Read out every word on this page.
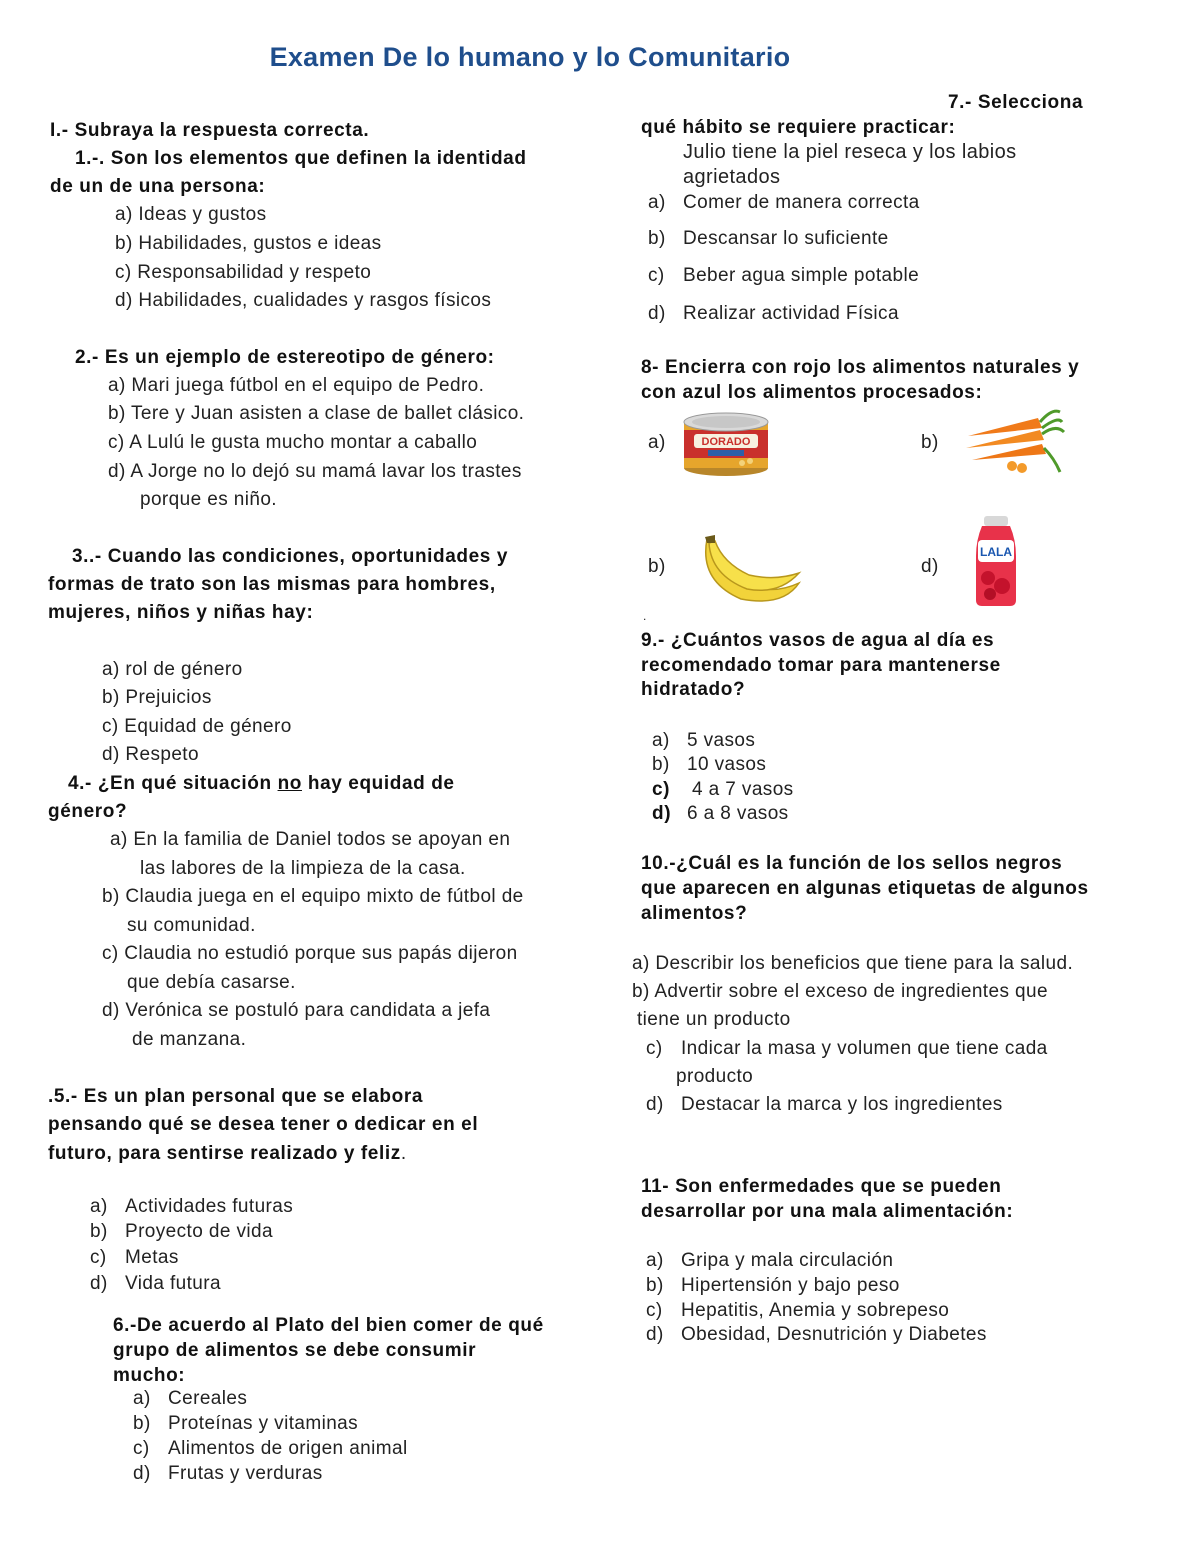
Examen De lo humano y lo Comunitario
I.- Subraya la respuesta correcta.
1.-. Son los elementos que definen la identidad
de un de una persona:
a) Ideas y gustos
b) Habilidades, gustos e ideas
c) Responsabilidad y respeto
d) Habilidades, cualidades y rasgos físicos
2.- Es un ejemplo de estereotipo de género:
a) Mari juega fútbol en el equipo de Pedro.
b) Tere y Juan asisten a clase de ballet clásico.
c) A Lulú le gusta mucho montar a caballo
d) A Jorge no lo dejó su mamá lavar los trastes
porque es niño.
3..- Cuando las condiciones, oportunidades y
formas de trato son las mismas para hombres,
mujeres, niños y niñas hay:
a) rol de género
b) Prejuicios
c) Equidad de género
d) Respeto
4.- ¿En qué situación no hay equidad de
género?
a) En la familia de Daniel todos se apoyan en
las labores de la limpieza de la casa.
b) Claudia juega en el equipo mixto de fútbol de
su comunidad.
c) Claudia no estudió porque sus papás dijeron
que debía casarse.
d) Verónica se postuló para candidata a jefa
de manzana.
.5.- Es un plan personal que se elabora
pensando qué se desea tener o dedicar en el
futuro, para sentirse realizado y feliz.
a) Actividades futuras
b) Proyecto de vida
c) Metas
d) Vida futura
6.-De acuerdo al Plato del bien comer de qué
grupo de alimentos se debe consumir
mucho:
a) Cereales
b) Proteínas y vitaminas
c) Alimentos de origen animal
d) Frutas y verduras
7.- Selecciona
qué hábito se requiere practicar:
Julio tiene la piel reseca y los labios
agrietados
a) Comer de manera correcta
b) Descansar lo suficiente
c) Beber agua simple potable
d) Realizar actividad Física
8- Encierra con rojo los alimentos naturales y
con azul los alimentos procesados:
a)	b)
b)	d)
.
DORADO
LALA
9.- ¿Cuántos vasos de agua al día es
recomendado tomar para mantenerse
hidratado?
a) 5 vasos
b) 10 vasos
c) 4 a 7 vasos
d) 6 a 8 vasos
10.-¿Cuál es la función de los sellos negros
que aparecen en algunas etiquetas de algunos
alimentos?
a) Describir los beneficios que tiene para la salud.
b) Advertir sobre el exceso de ingredientes que
tiene un producto
c) Indicar la masa y volumen que tiene cada
producto
d) Destacar la marca y los ingredientes
11- Son enfermedades que se pueden
desarrollar por una mala alimentación:
a) Gripa y mala circulación
b) Hipertensión y bajo peso
c) Hepatitis, Anemia y sobrepeso
d) Obesidad, Desnutrición y Diabetes
